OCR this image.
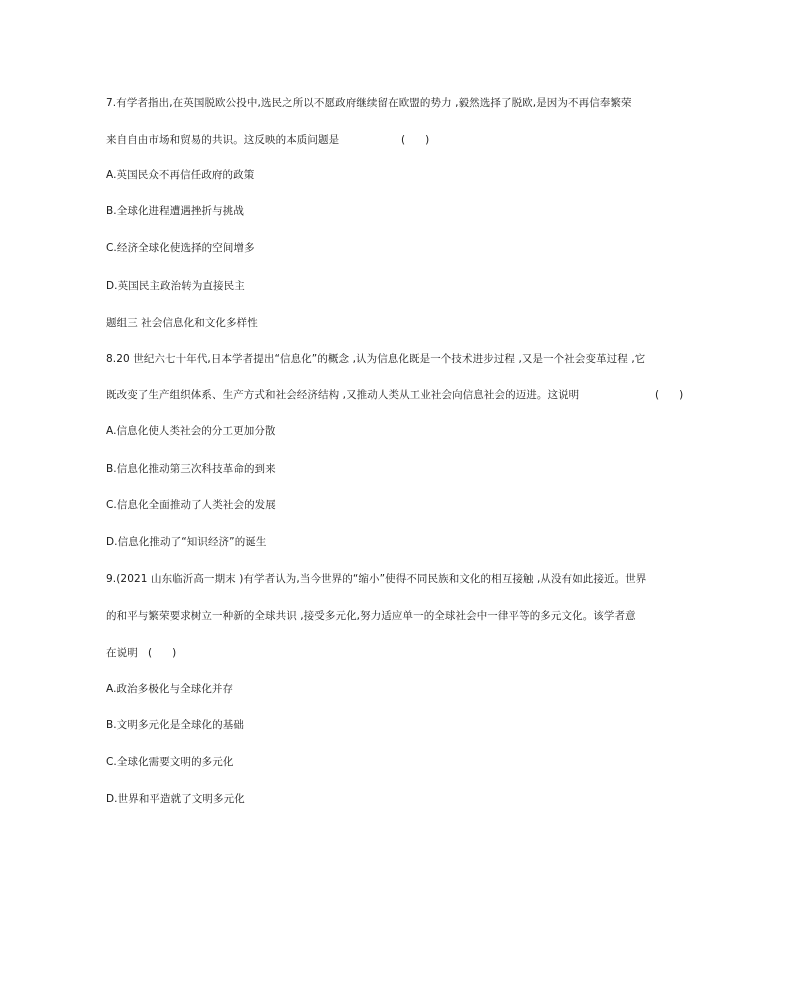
7.有学者指出,在英国脱欧公投中,选民之所以不愿政府继续留在欧盟的势力 ,毅然选择了脱欧,是因为不再信奉繁荣
来自自由市场和贸易的共识。这反映的本质问题是	(      )
A.英国民众不再信任政府的政策
B.全球化进程遭遇挫折与挑战
C.经济全球化使选择的空间增多
D.英国民主政治转为直接民主
题组三 社会信息化和文化多样性
8.20 世纪六七十年代,日本学者提出“信息化”的概念 ,认为信息化既是一个技术进步过程 ,又是一个社会变革过程 ,它
既改变了生产组织体系、生产方式和社会经济结构 ,又推动人类从工业社会向信息社会的迈进。这说明	(      )
A.信息化使人类社会的分工更加分散
B.信息化推动第三次科技革命的到来
C.信息化全面推动了人类社会的发展
D.信息化推动了“知识经济”的诞生
9.(2021 山东临沂高一期末 )有学者认为,当今世界的“缩小”使得不同民族和文化的相互接触 ,从没有如此接近。世界
的和平与繁荣要求树立一种新的全球共识 ,接受多元化,努力适应单一的全球社会中一律平等的多元文化。该学者意
在说明 (      )
A.政治多极化与全球化并存
B.文明多元化是全球化的基础
C.全球化需要文明的多元化
D.世界和平造就了文明多元化
